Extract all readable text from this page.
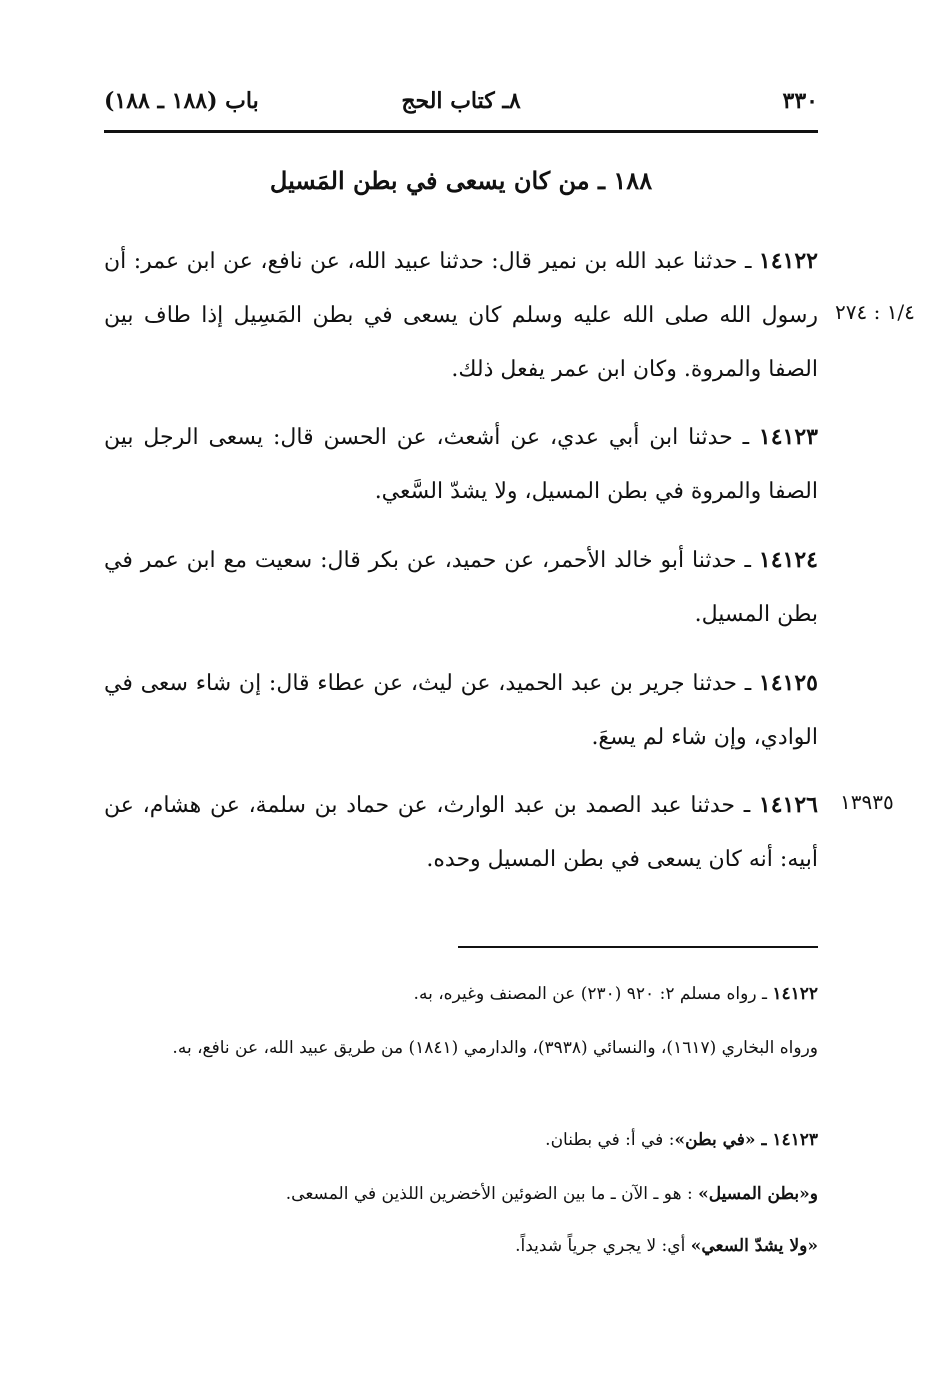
٣٣٠
٨ـ كتاب الحج
باب (١٨٨ ـ ١٨٨)
١٨٨ ـ من كان يسعى في بطن المَسيل
١/٤ : ٢٧٤
١٤١٢٢ ـ حدثنا عبد الله بن نمير قال: حدثنا عبيد الله، عن نافع، عن ابن عمر: أن رسول الله صلى الله عليه وسلم كان يسعى في بطن المَسِيل إذا طاف بين الصفا والمروة. وكان ابن عمر يفعل ذلك.
١٤١٢٣ ـ حدثنا ابن أبي عدي، عن أشعث، عن الحسن قال: يسعى الرجل بين الصفا والمروة في بطن المسيل، ولا يشدّ السَّعي.
١٤١٢٤ ـ حدثنا أبو خالد الأحمر، عن حميد، عن بكر قال: سعيت مع ابن عمر في بطن المسيل.
١٤١٢٥ ـ حدثنا جرير بن عبد الحميد، عن ليث، عن عطاء قال: إن شاء سعى في الوادي، وإن شاء لم يسعَ.
١٣٩٣٥
١٤١٢٦ ـ حدثنا عبد الصمد بن عبد الوارث، عن حماد بن سلمة، عن هشام، عن أبيه: أنه كان يسعى في بطن المسيل وحده.
١٤١٢٢ ـ رواه مسلم ٢: ٩٢٠ (٢٣٠) عن المصنف وغيره، به.
ورواه البخاري (١٦١٧)، والنسائي (٣٩٣٨)، والدارمي (١٨٤١) من طريق عبيد الله، عن نافع، به.
١٤١٢٣ ـ «في بطن»: في أ: في بطنان.
و«بطن المسيل» : هو ـ الآن ـ ما بين الضوئين الأخضرين اللذين في المسعى.
«ولا يشدّ السعي» أي: لا يجري جرياً شديداً.
